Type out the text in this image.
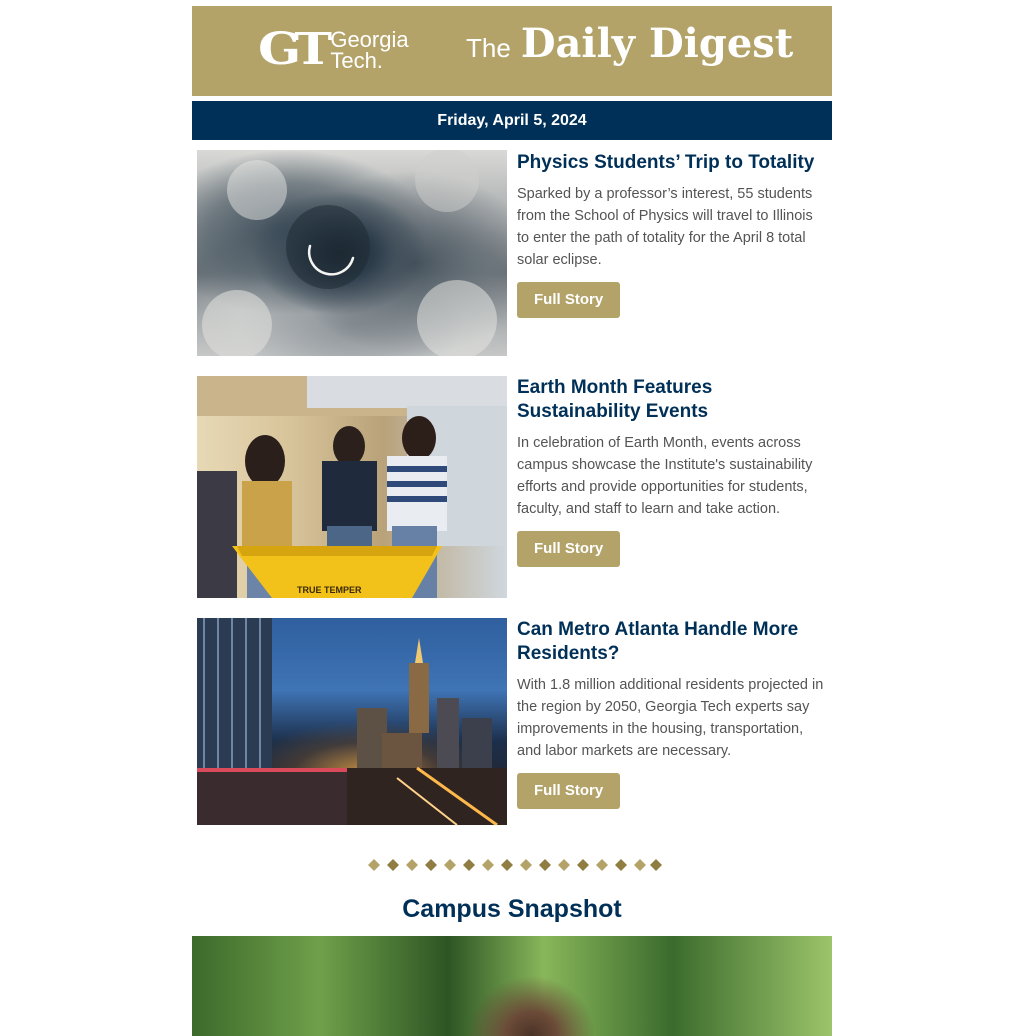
GT Georgia
Tech.	The Daily Digest
Friday, April 5, 2024
Physics Students’ Trip to Totality

Sparked by a professor’s interest, 55 students from the School of Physics will travel to Illinois to enter the path of totality for the April 8 total solar eclipse.

Full Story
TRUE TEMPER
Earth Month Features Sustainability Events

In celebration of Earth Month, events across campus showcase the Institute's sustainability efforts and provide opportunities for students, faculty, and staff to learn and take action.

Full Story
Can Metro Atlanta Handle More Residents?

With 1.8 million additional residents projected in the region by 2050, Georgia Tech experts say improvements in the housing, transportation, and labor markets are necessary.

Full Story
Campus Snapshot
